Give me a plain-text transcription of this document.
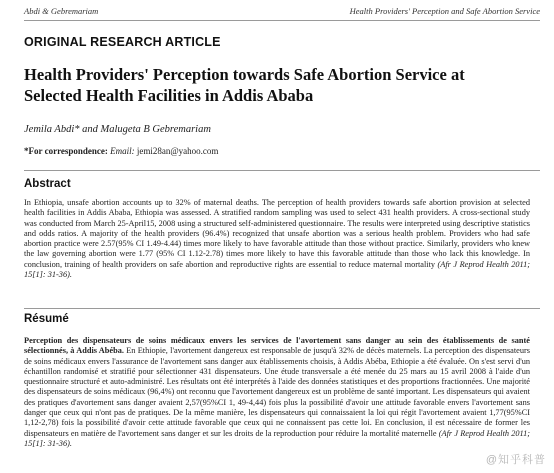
Abdi & Gebremariam	Health Providers' Perception and Safe Abortion Service
ORIGINAL RESEARCH ARTICLE
Health Providers' Perception towards Safe Abortion Service at Selected Health Facilities in Addis Ababa
Jemila Abdi* and Malugeta B Gebremariam
*For correspondence: Email: jemi28an@yahoo.com
Abstract

In Ethiopia, unsafe abortion accounts up to 32% of maternal deaths. The perception of health providers towards safe abortion provision at selected health facilities in Addis Ababa, Ethiopia was assessed. A stratified random sampling was used to select 431 health providers. A cross-sectional study was conducted from March 25-April15, 2008 using a structured self-administered questionnaire. The results were interpreted using descriptive statistics and odds ratios. A majority of the health providers (96.4%) recognized that unsafe abortion was a serious health problem. Providers who had safe abortion practice were 2.57(95% CI 1.49-4.44) times more likely to have favorable attitude than those without practice. Similarly, providers who knew the law governing abortion were 1.77 (95% CI 1.12-2.78) times more likely to have this favorable attitude than those who lack this knowledge. In conclusion, training of health providers on safe abortion and reproductive rights are essential to reduce maternal mortality (Afr J Reprod Health 2011; 15[1]: 31-36).

Résumé

Perception des dispensateurs de soins médicaux envers les services de l'avortement sans danger au sein des établissements de santé sélectionnés, à Addis Abéba. En Ethiopie, l'avortement dangereux est responsable de jusqu'à 32% de décès maternels. La perception des dispensateurs de soins médicaux envers l'assurance de l'avortement sans danger aux établissements choisis, à Addis Abéba, Ethiopie a été évaluée. On s'est servi d'un échantillon randomisé et stratifié pour sélectionner 431 dispensateurs. Une étude transversale a été menée du 25 mars au 15 avril 2008 à l'aide d'un questionnaire structuré et auto-administré. Les résultats ont été interprétés à l'aide des données statistiques et des proportions fractionnées. Une majorité des dispensateurs de soins médicaux (96,4%) ont reconnu que l'avortement dangereux est un problème de santé important. Les dispensateurs qui avaient des pratiques d'avortement sans danger avaient 2,57(95%CI 1, 49-4,44) fois plus la possibilité d'avoir une attitude favorable envers l'avortement sans danger que ceux qui n'ont pas de pratiques. De la même manière, les dispensateurs qui connaissaient la loi qui régit l'avortement avaient 1,77(95%CI 1,12-2,78) fois la possibilité d'avoir cette attitude favorable que ceux qui ne connaissent pas cette loi. En conclusion, il est nécessaire de former les dispensateurs en matière de l'avortement sans danger et sur les droits de la reproduction pour réduire la mortalité maternelle (Afr J Reprod Health 2011; 15[1]: 31-36).

@知乎科普
